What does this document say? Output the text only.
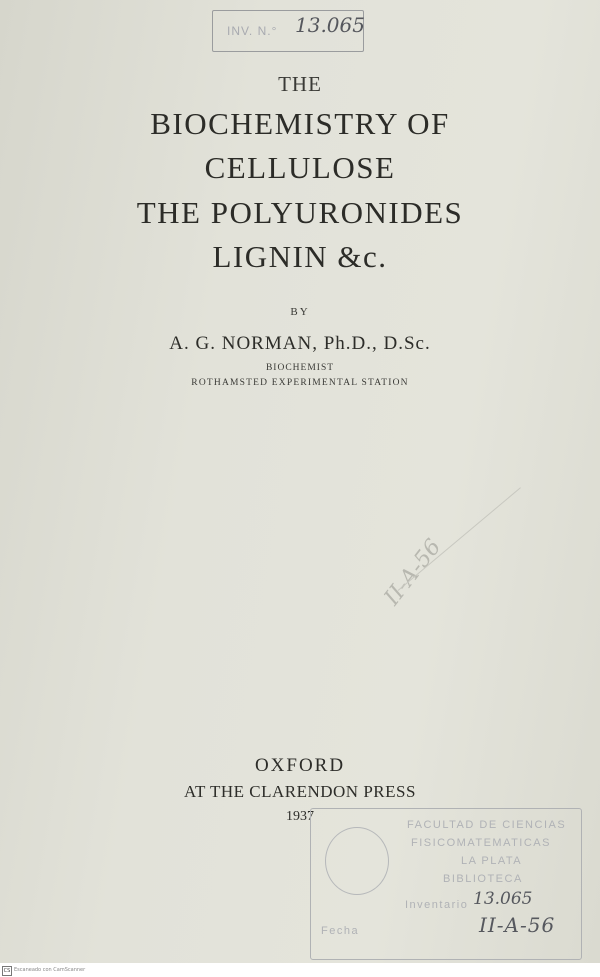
INV. N.° 13.065
THE
BIOCHEMISTRY OF
CELLULOSE
THE POLYURONIDES
LIGNIN &c.
BY
A. G. NORMAN, Ph.D., D.Sc.
BIOCHEMIST
ROTHAMSTED EXPERIMENTAL STATION
II-A-56
OXFORD
AT THE CLARENDON PRESS
1937
FACULTAD DE CIENCIAS
FISICOMATEMATICAS
LA PLATA
BIBLIOTECA
Inventario 13.065
Fecha	II-A-56
CS Escaneado con CamScanner
